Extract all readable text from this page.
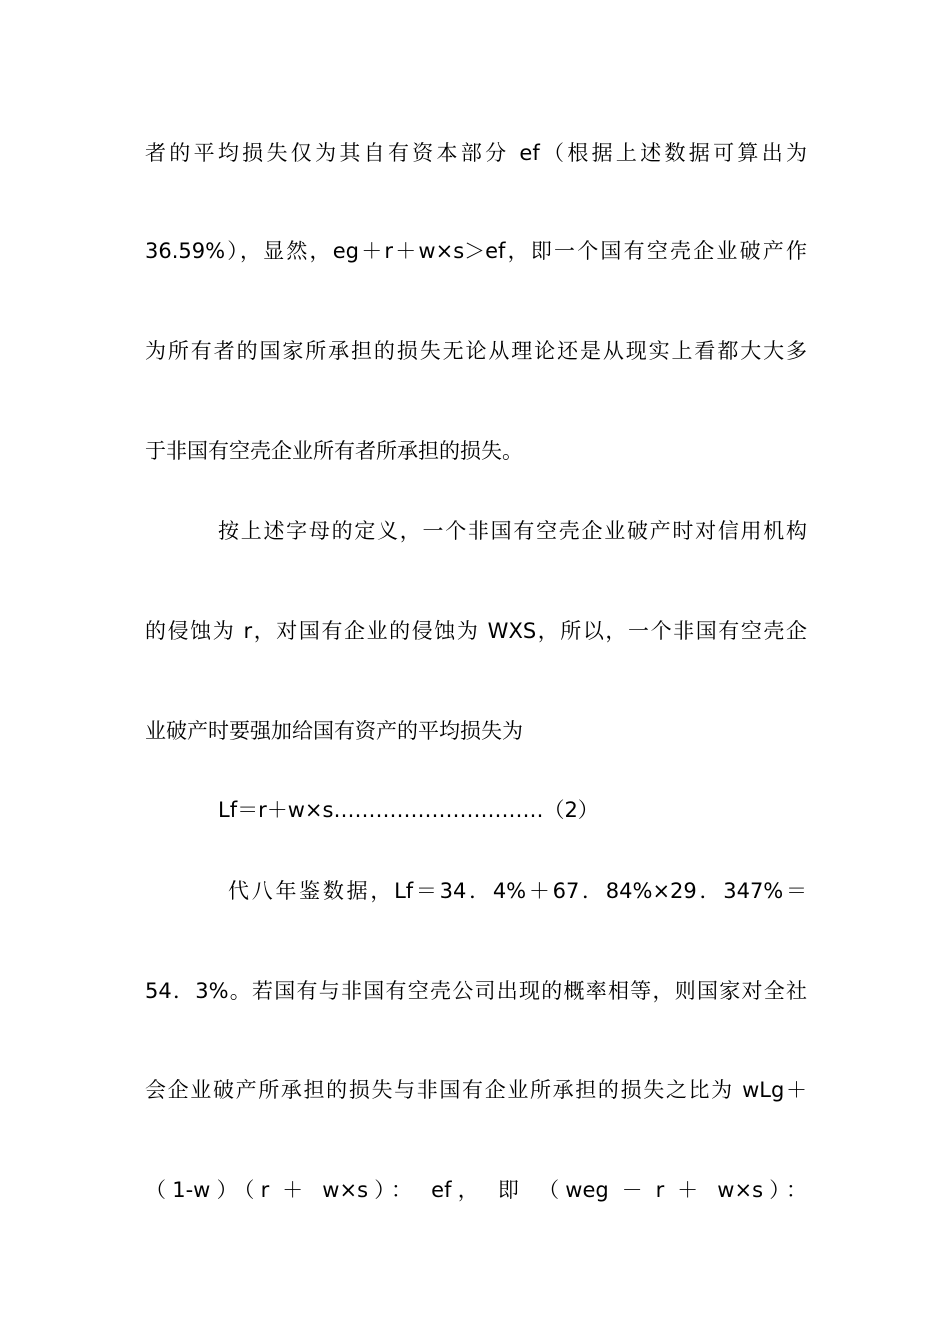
者的平均损失仅为其自有资本部分 ef（根据上述数据可算出为
36.59%），显然，eg＋r＋w×s＞ef，即一个国有空壳企业破产作
为所有者的国家所承担的损失无论从理论还是从现实上看都大大多
于非国有空壳企业所有者所承担的损失。
按上述字母的定义，一个非国有空壳企业破产时对信用机构
的侵蚀为 r，对国有企业的侵蚀为 WXS，所以，一个非国有空壳企
业破产时要强加给国有资产的平均损失为
Lf＝r＋w×s…………………………（2）
代八年鉴数据，Lf＝34．4%＋67．84%×29．347%＝
54．3%。若国有与非国有空壳公司出现的概率相等，则国家对全社
会企业破产所承担的损失与非国有企业所承担的损失之比为 wLg＋
（1-w）（r ＋ w×s）： ef， 即 （weg － r ＋ w×s）：
